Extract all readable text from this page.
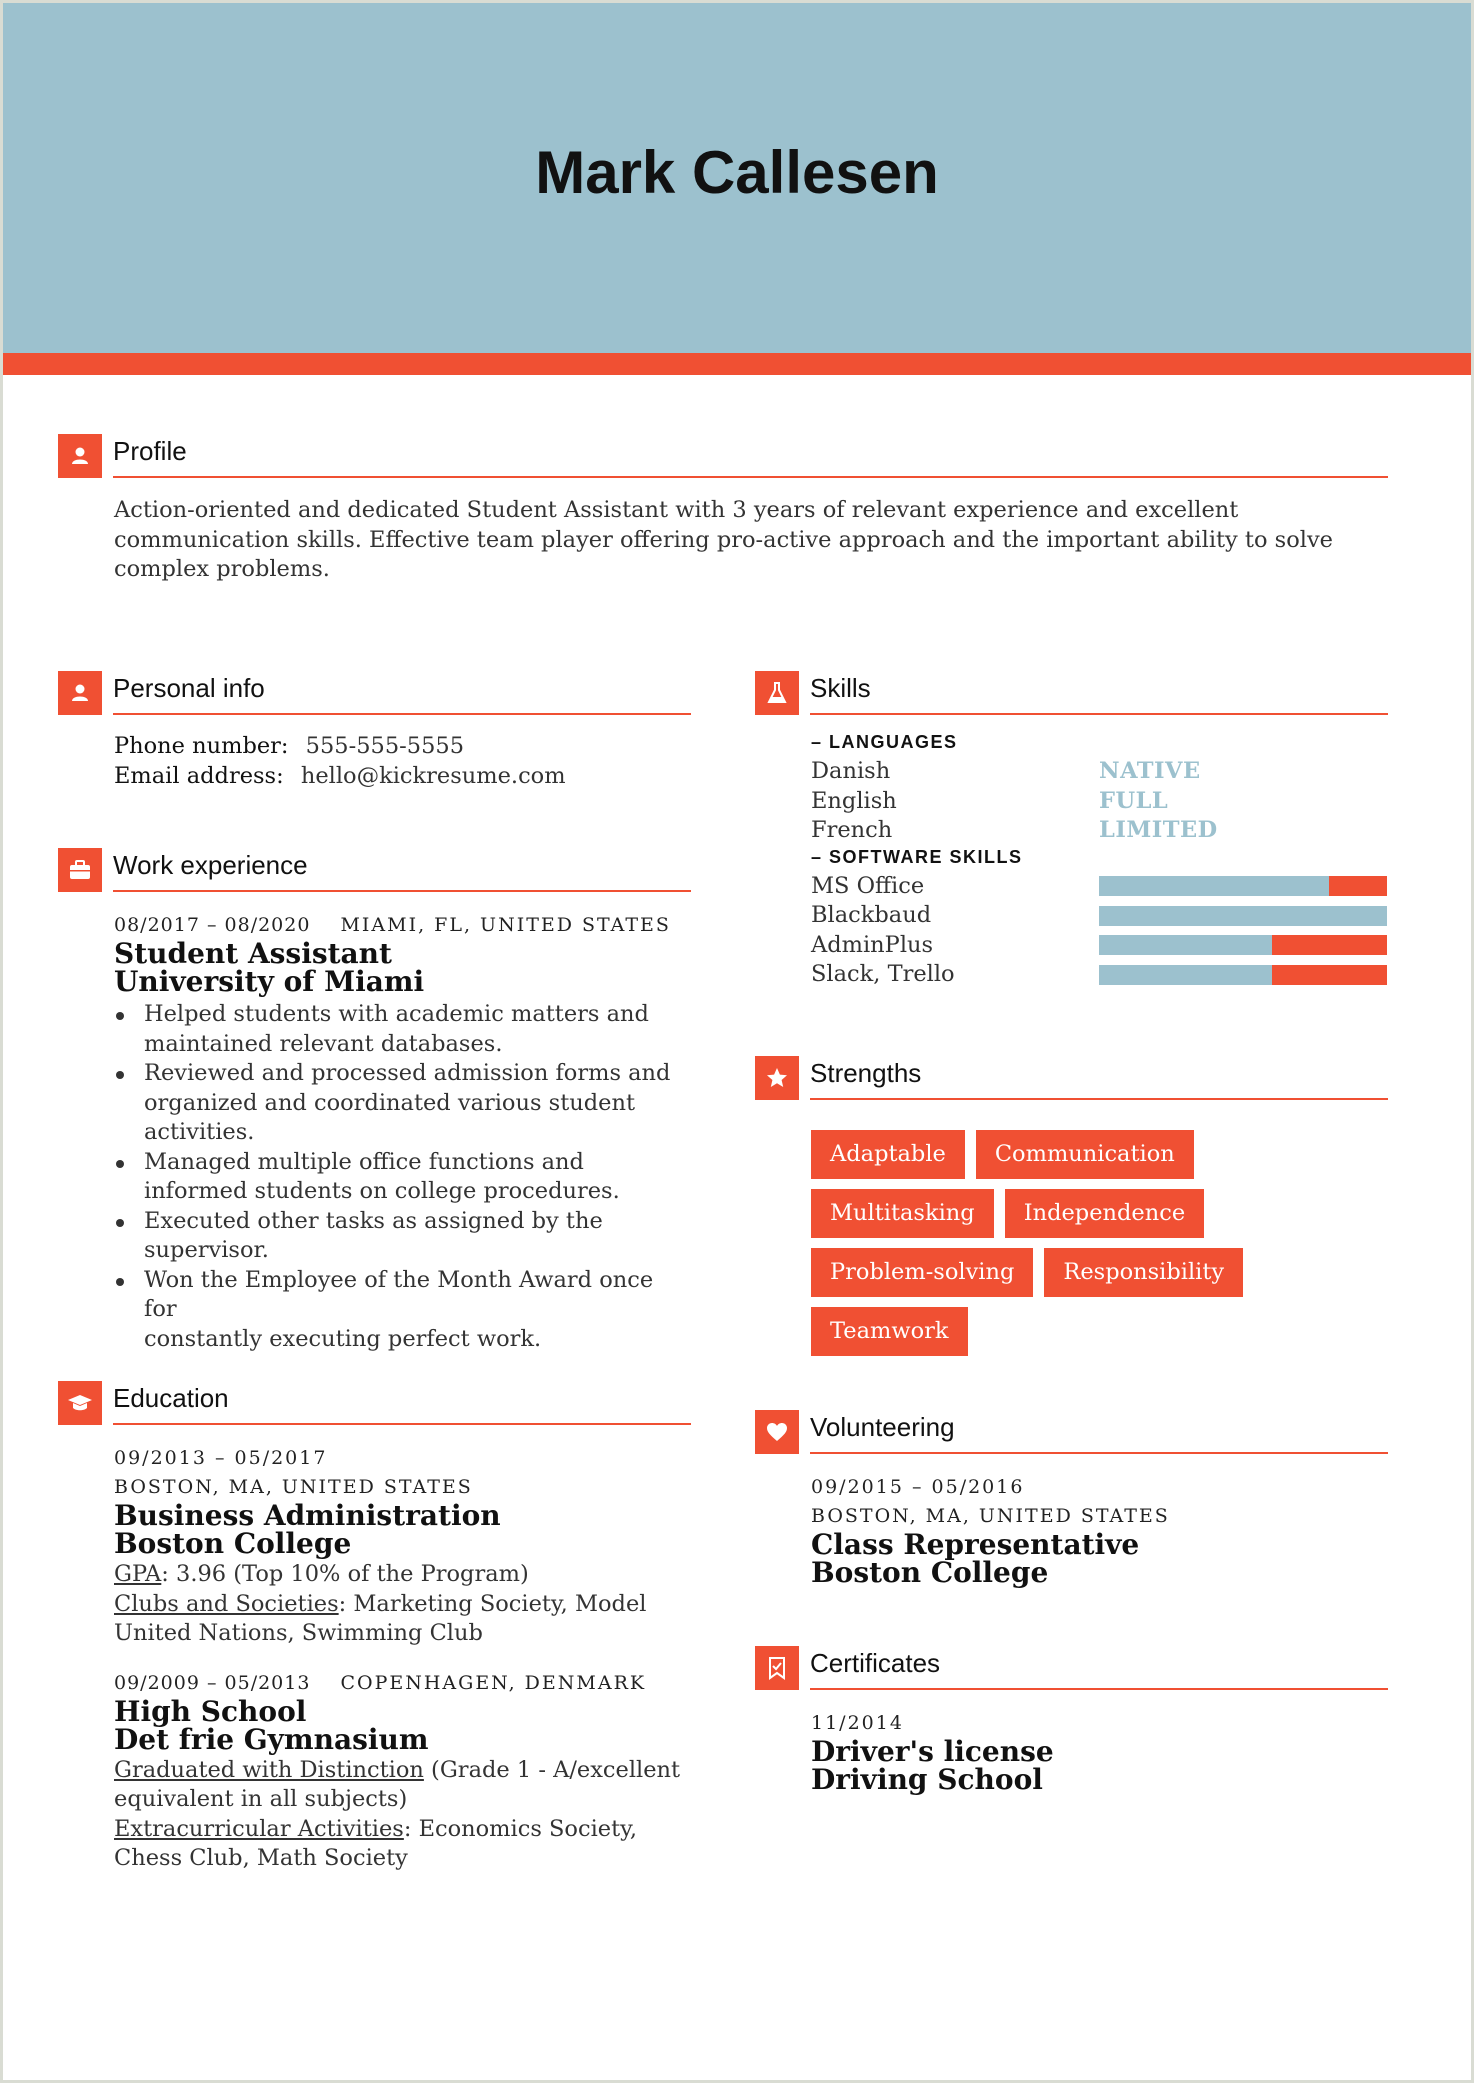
Mark Callesen
Profile
Action-oriented and dedicated Student Assistant with 3 years of relevant experience and excellent
communication skills. Effective team player offering pro-active approach and the important ability to solve
complex problems.
Personal info
Phone number: 555-555-5555
Email address: hello@kickresume.com
Work experience
08/2017 – 08/2020 MIAMI, FL, UNITED STATES
Student Assistant
University of Miami
Helped students with academic matters and
maintained relevant databases.
Reviewed and processed admission forms and
organized and coordinated various student
activities.
Managed multiple office functions and
informed students on college procedures.
Executed other tasks as assigned by the
supervisor.
Won the Employee of the Month Award once for
constantly executing perfect work.
Education
09/2013 – 05/2017
BOSTON, MA, UNITED STATES
Business Administration
Boston College
GPA: 3.96 (Top 10% of the Program)
Clubs and Societies: Marketing Society, Model
United Nations, Swimming Club
09/2009 – 05/2013 COPENHAGEN, DENMARK
High School
Det frie Gymnasium
Graduated with Distinction (Grade 1 - A/excellent
equivalent in all subjects)
Extracurricular Activities: Economics Society,
Chess Club, Math Society
Skills
– LANGUAGES
Danish	NATIVE
English	FULL
French	LIMITED
– SOFTWARE SKILLS
MS Office
Blackbaud
AdminPlus
Slack, Trello
Strengths
Adaptable	Communication
Multitasking	Independence
Problem-solving	Responsibility
Teamwork
Volunteering
09/2015 – 05/2016
BOSTON, MA, UNITED STATES
Class Representative
Boston College
Certificates
11/2014
Driver's license
Driving School
